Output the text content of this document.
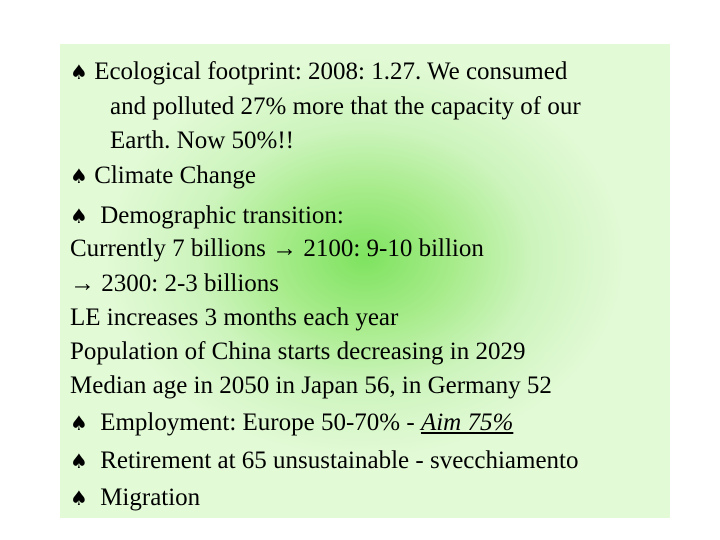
♠ Ecological footprint: 2008: 1.27. We consumed
and polluted 27% more that the capacity of our
Earth. Now 50%!!
♠ Climate Change
♠ Demographic transition:
Currently 7 billions → 2100: 9-10 billion
→ 2300: 2-3 billions
LE increases 3 months each year
Population of China starts decreasing in 2029
Median age in 2050 in Japan 56, in Germany 52
♠ Employment: Europe 50-70% - Aim 75%
♠ Retirement at 65 unsustainable - svecchiamento
♠ Migration
